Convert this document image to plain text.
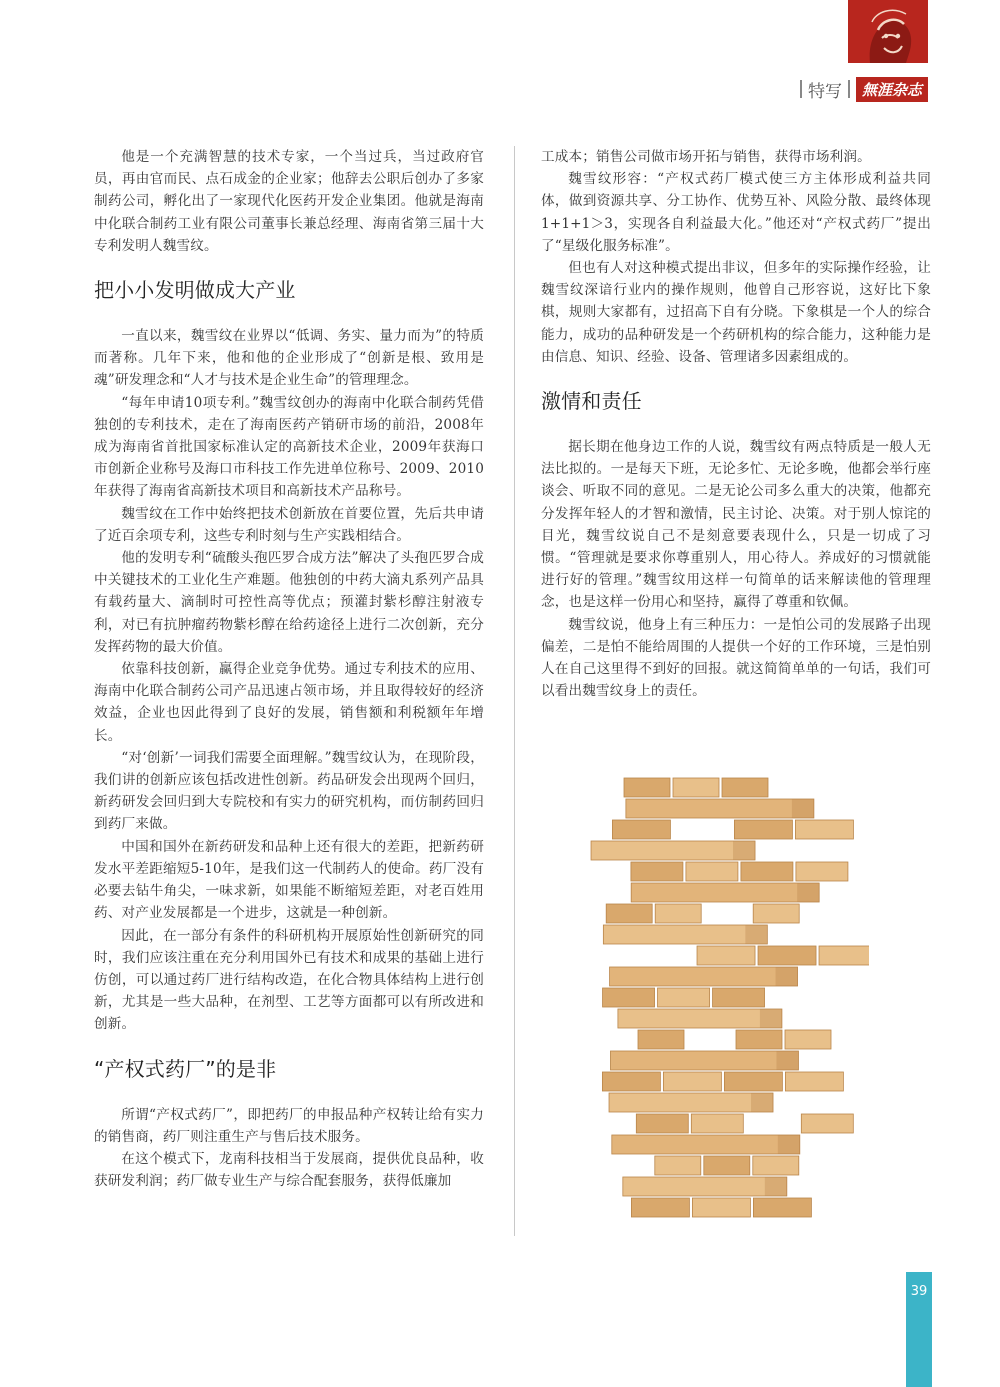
特写	無涯杂志

他是一个充满智慧的技术专家，一个当过兵，当过政府官员，再由官而民、点石成金的企业家；他辞去公职后创办了多家制药公司，孵化出了一家现代化医药开发企业集团。他就是海南中化联合制药工业有限公司董事长兼总经理、海南省第三届十大专利发明人魏雪纹。

把小小发明做成大产业

一直以来，魏雪纹在业界以“低调、务实、量力而为”的特质而著称。几年下来，他和他的企业形成了“创新是根、致用是魂”研发理念和“人才与技术是企业生命”的管理理念。

“每年申请10项专利。”魏雪纹创办的海南中化联合制药凭借独创的专利技术，走在了海南医药产销研市场的前沿，2008年成为海南省首批国家标准认定的高新技术企业，2009年获海口市创新企业称号及海口市科技工作先进单位称号、2009、2010年获得了海南省高新技术项目和高新技术产品称号。

魏雪纹在工作中始终把技术创新放在首要位置，先后共申请了近百余项专利，这些专利时刻与生产实践相结合。

他的发明专利“硫酸头孢匹罗合成方法”解决了头孢匹罗合成中关键技术的工业化生产难题。他独创的中药大滴丸系列产品具有载药量大、滴制时可控性高等优点；预灌封紫杉醇注射液专利，对已有抗肿瘤药物紫杉醇在给药途径上进行二次创新，充分发挥药物的最大价值。

依靠科技创新，赢得企业竞争优势。通过专利技术的应用、海南中化联合制药公司产品迅速占领市场，并且取得较好的经济效益，企业也因此得到了良好的发展，销售额和利税额年年增长。

“对‘创新’一词我们需要全面理解。”魏雪纹认为，在现阶段，我们讲的创新应该包括改进性创新。药品研发会出现两个回归，新药研发会回归到大专院校和有实力的研究机构，而仿制药回归到药厂来做。

中国和国外在新药研发和品种上还有很大的差距，把新药研发水平差距缩短5-10年，是我们这一代制药人的使命。药厂没有必要去钻牛角尖，一味求新，如果能不断缩短差距，对老百姓用药、对产业发展都是一个进步，这就是一种创新。

因此，在一部分有条件的科研机构开展原始性创新研究的同时，我们应该注重在充分利用国外已有技术和成果的基础上进行仿创，可以通过药厂进行结构改造，在化合物具体结构上进行创新，尤其是一些大品种，在剂型、工艺等方面都可以有所改进和创新。

“产权式药厂”的是非

所谓“产权式药厂”，即把药厂的申报品种产权转让给有实力的销售商，药厂则注重生产与售后技术服务。

在这个模式下，龙南科技相当于发展商，提供优良品种，收获研发利润；药厂做专业生产与综合配套服务，获得低廉加

工成本；销售公司做市场开拓与销售，获得市场利润。

魏雪纹形容：“产权式药厂模式使三方主体形成利益共同体，做到资源共享、分工协作、优势互补、风险分散、最终体现1+1+1＞3，实现各自利益最大化。”他还对“产权式药厂”提出了“星级化服务标准”。

但也有人对这种模式提出非议，但多年的实际操作经验，让魏雪纹深谙行业内的操作规则，他曾自己形容说，这好比下象棋，规则大家都有，过招高下自有分晓。下象棋是一个人的综合能力，成功的品种研发是一个药研机构的综合能力，这种能力是由信息、知识、经验、设备、管理诸多因素组成的。

激情和责任

据长期在他身边工作的人说，魏雪纹有两点特质是一般人无法比拟的。一是每天下班，无论多忙、无论多晚，他都会举行座谈会、听取不同的意见。二是无论公司多么重大的决策，他都充分发挥年轻人的才智和激情，民主讨论、决策。对于别人惊诧的目光，魏雪纹说自己不是刻意要表现什么，只是一切成了习惯。“管理就是要求你尊重别人，用心待人。养成好的习惯就能进行好的管理。”魏雪纹用这样一句简单的话来解读他的管理理念，也是这样一份用心和坚持，赢得了尊重和钦佩。

魏雪纹说，他身上有三种压力：一是怕公司的发展路子出现偏差，二是怕不能给周围的人提供一个好的工作环境，三是怕别人在自己这里得不到好的回报。就这简简单单的一句话，我们可以看出魏雪纹身上的责任。

39
